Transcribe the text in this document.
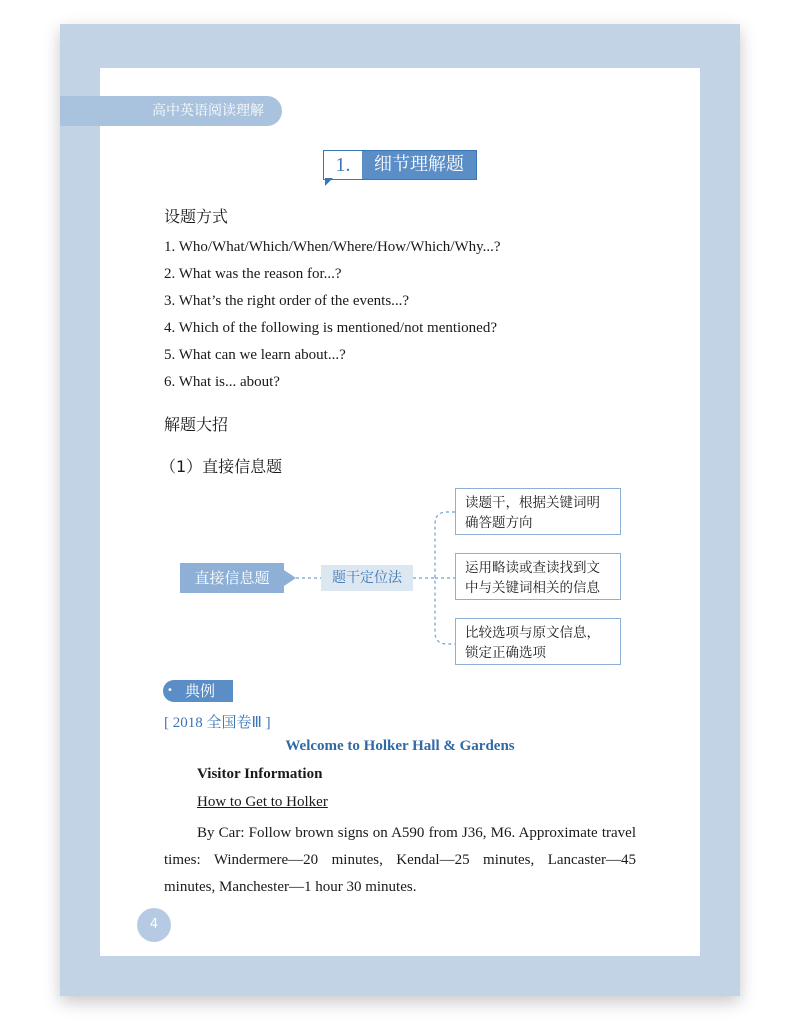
高中英语阅读理解
1.	细节理解题
设题方式
1. Who/What/Which/When/Where/How/Which/Why...?
2. What was the reason for...?
3. What’s the right order of the events...?
4. Which of the following is mentioned/not mentioned?
5. What can we learn about...?
6. What is... about?
解题大招
（1）直接信息题
直接信息题	题干定位法
读题干，根据关键词明
确答题方向
运用略读或查读找到文
中与关键词相关的信息
比较选项与原文信息，
锁定正确选项
• 典例
[ 2018 全国卷Ⅲ ]
Welcome to Holker Hall & Gardens
Visitor Information
How to Get to Holker
By Car: Follow brown signs on A590 from J36, M6. Approximate travel times: Windermere—20 minutes, Kendal—25 minutes, Lancaster—45 minutes, Manchester—1 hour 30 minutes.
4
